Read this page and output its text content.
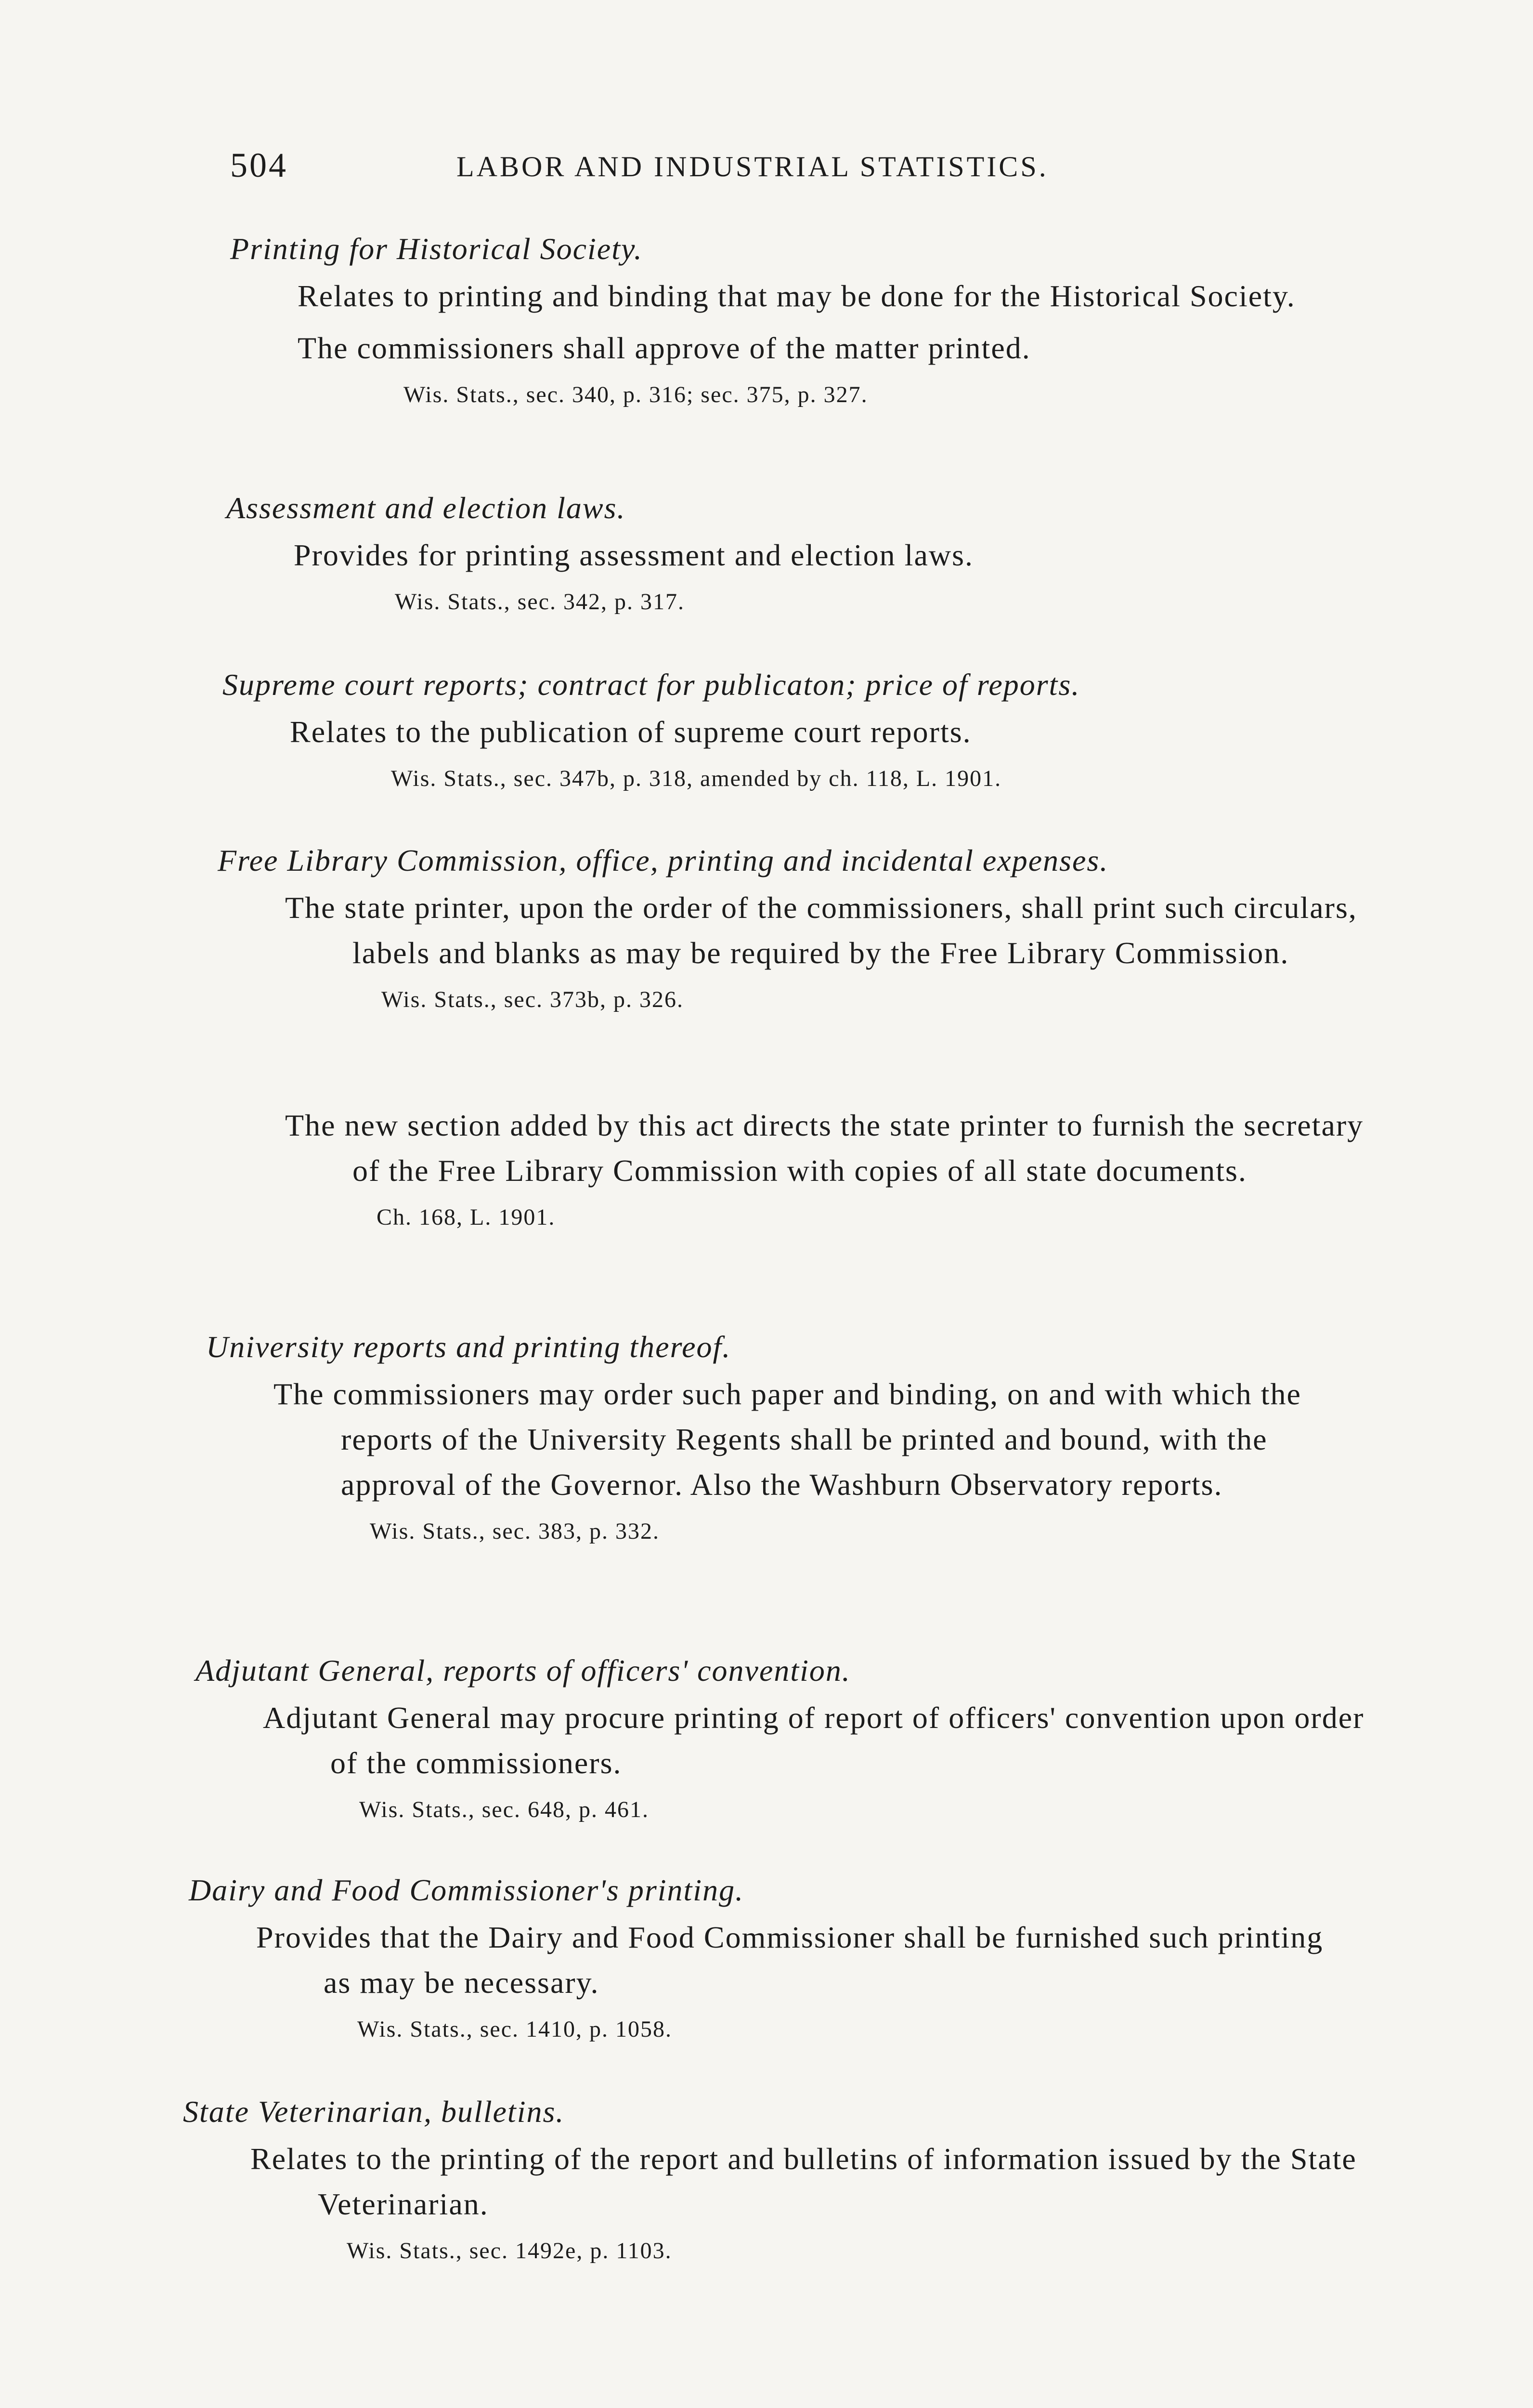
504	LABOR AND INDUSTRIAL STATISTICS.
Printing for Historical Society.
Relates to printing and binding that may be done for the Historical Society.
The commissioners shall approve of the matter printed.
Wis. Stats., sec. 340, p. 316; sec. 375, p. 327.
Assessment and election laws.
Provides for printing assessment and election laws.
Wis. Stats., sec. 342, p. 317.
Supreme court reports; contract for publicaton; price of reports.
Relates to the publication of supreme court reports.
Wis. Stats., sec. 347b, p. 318, amended by ch. 118, L. 1901.
Free Library Commission, office, printing and incidental expenses.
The state printer, upon the order of the commissioners, shall print such circulars, labels and blanks as may be required by the Free Library Commission.
Wis. Stats., sec. 373b, p. 326.
The new section added by this act directs the state printer to furnish the secretary of the Free Library Commission with copies of all state documents.
Ch. 168, L. 1901.
University reports and printing thereof.
The commissioners may order such paper and binding, on and with which the reports of the University Regents shall be printed and bound, with the approval of the Governor. Also the Washburn Observatory reports.
Wis. Stats., sec. 383, p. 332.
Adjutant General, reports of officers' convention.
Adjutant General may procure printing of report of officers' convention upon order of the commissioners.
Wis. Stats., sec. 648, p. 461.
Dairy and Food Commissioner's printing.
Provides that the Dairy and Food Commissioner shall be furnished such printing as may be necessary.
Wis. Stats., sec. 1410, p. 1058.
State Veterinarian, bulletins.
Relates to the printing of the report and bulletins of information issued by the State Veterinarian.
Wis. Stats., sec. 1492e, p. 1103.
